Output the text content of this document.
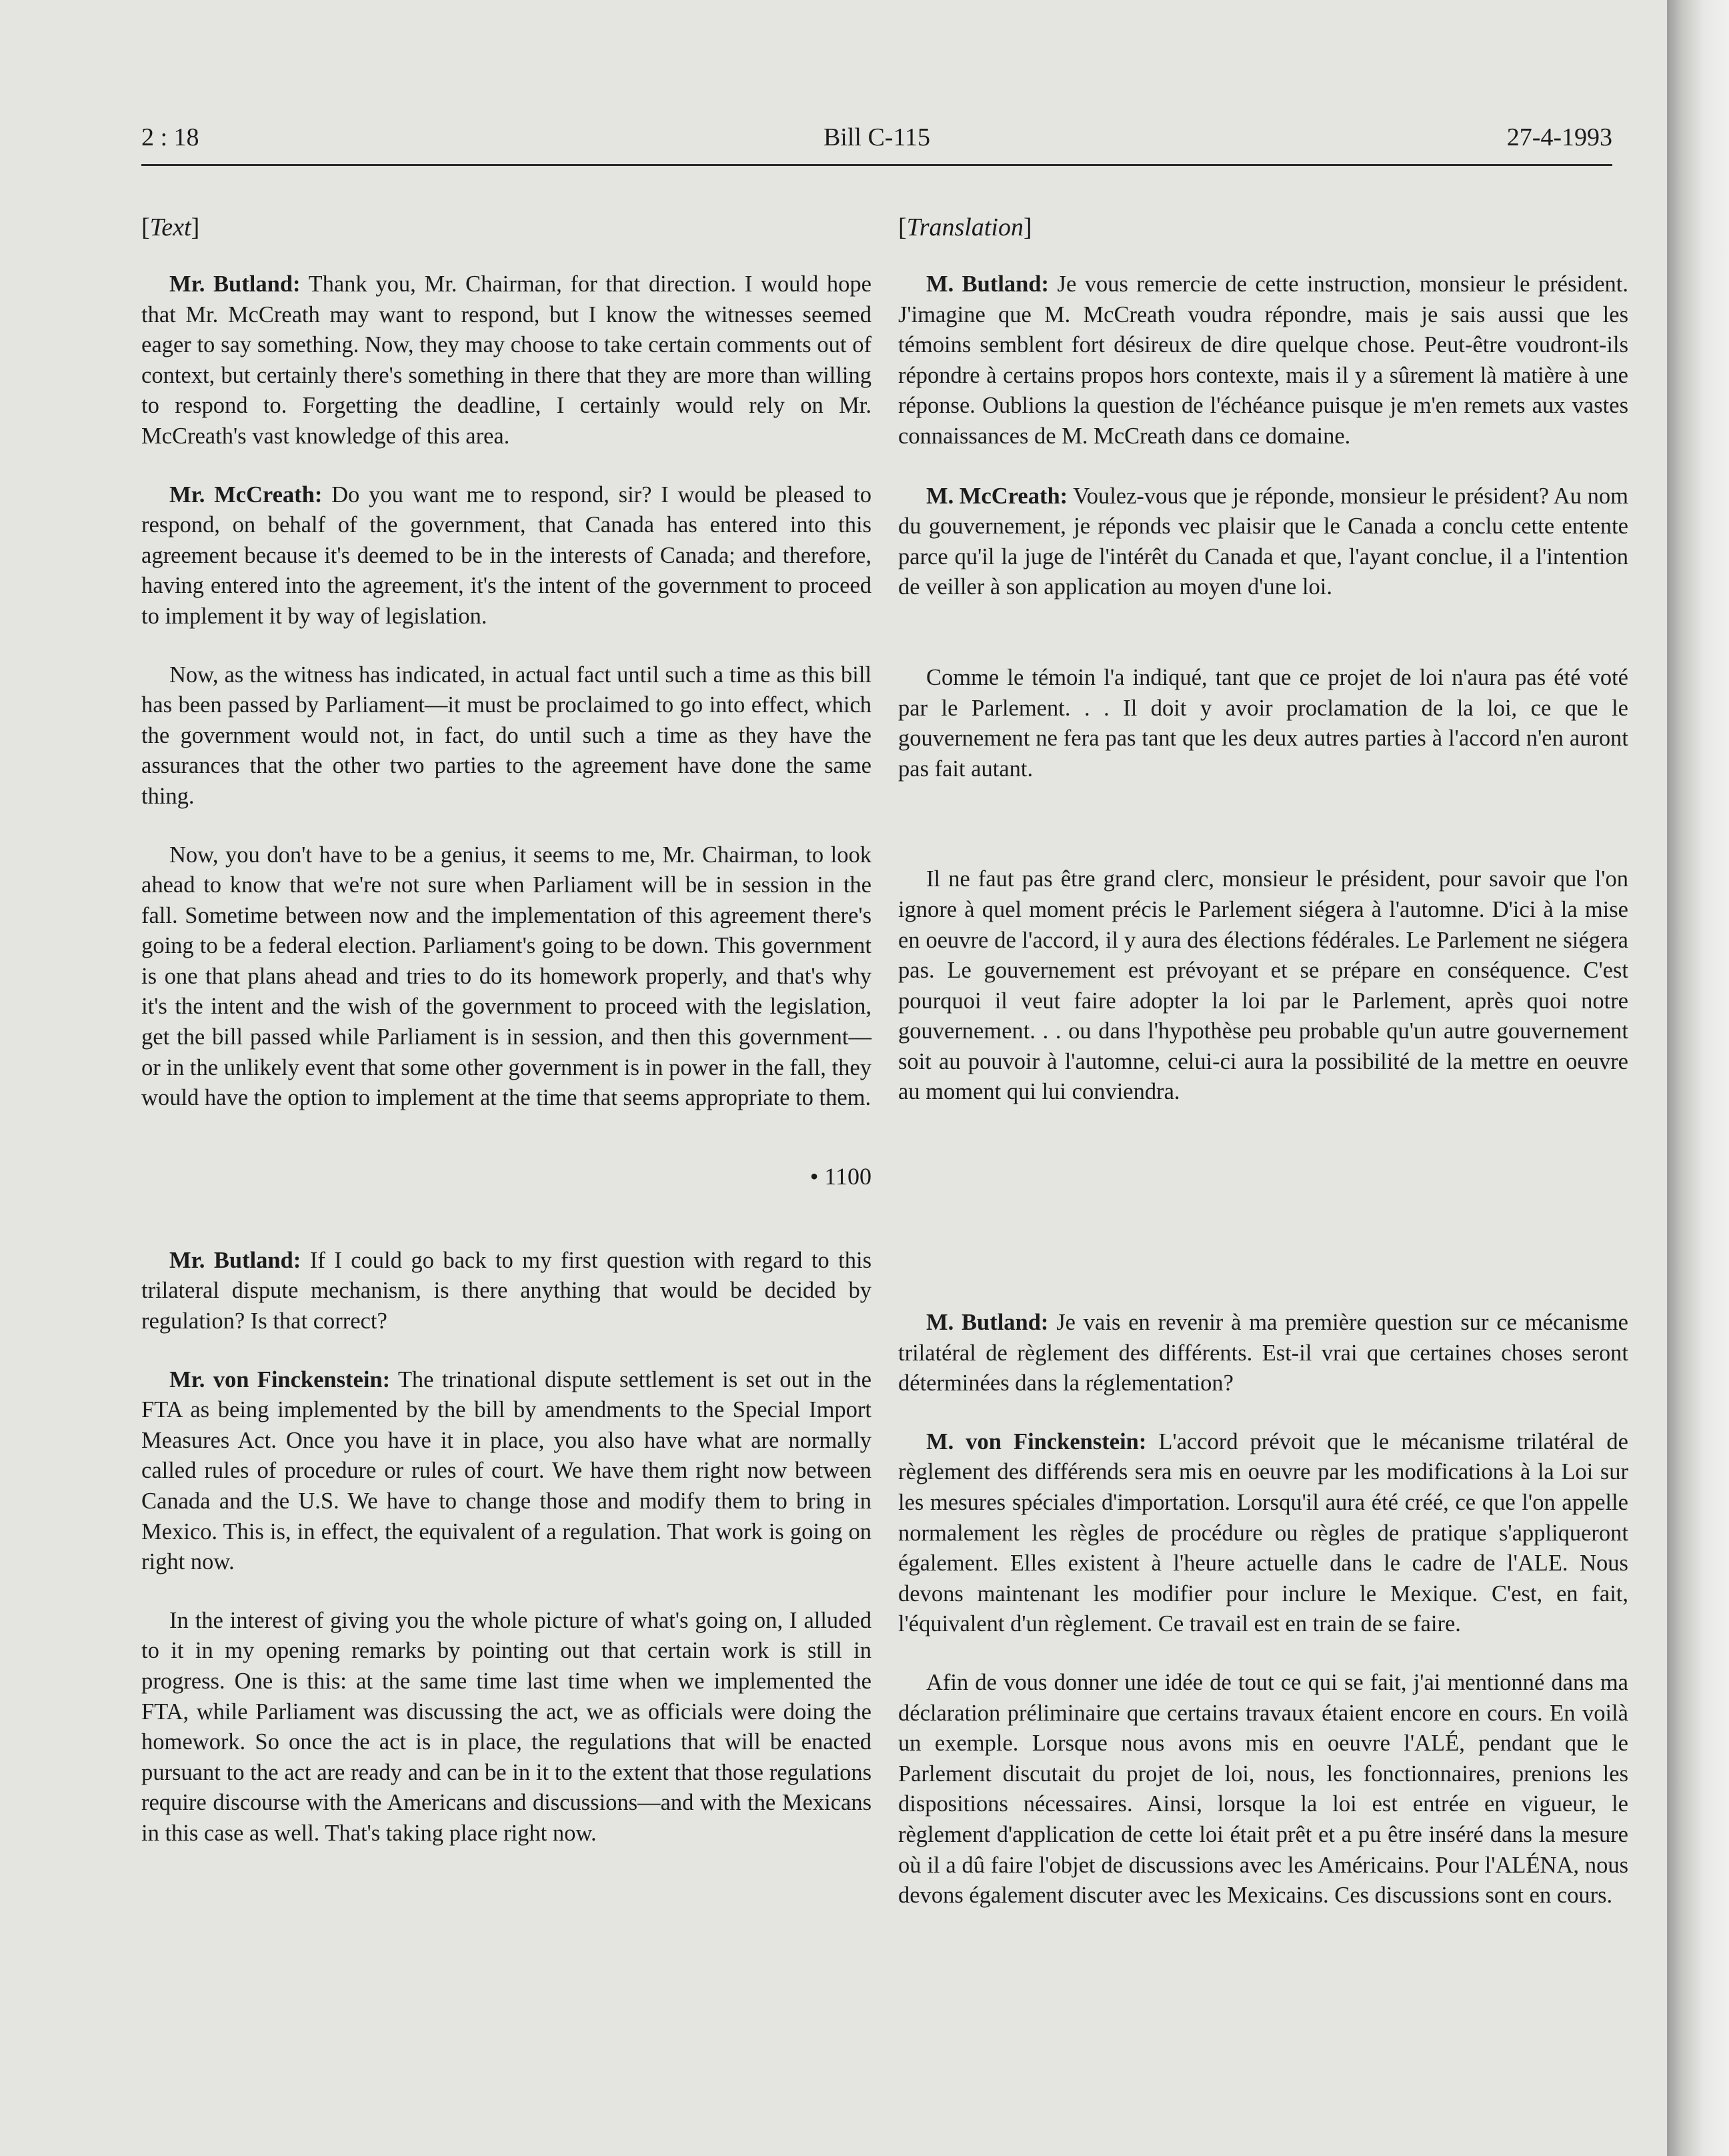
2 : 18	Bill C-115	27-4-1993
[Text]

Mr. Butland: Thank you, Mr. Chairman, for that direction. I would hope that Mr. McCreath may want to respond, but I know the witnesses seemed eager to say something. Now, they may choose to take certain comments out of context, but certainly there's something in there that they are more than willing to respond to. Forgetting the deadline, I certainly would rely on Mr. McCreath's vast knowledge of this area.

Mr. McCreath: Do you want me to respond, sir? I would be pleased to respond, on behalf of the government, that Canada has entered into this agreement because it's deemed to be in the interests of Canada; and therefore, having entered into the agreement, it's the intent of the government to proceed to implement it by way of legislation.

Now, as the witness has indicated, in actual fact until such a time as this bill has been passed by Parliament—it must be proclaimed to go into effect, which the government would not, in fact, do until such a time as they have the assurances that the other two parties to the agreement have done the same thing.

Now, you don't have to be a genius, it seems to me, Mr. Chairman, to look ahead to know that we're not sure when Parliament will be in session in the fall. Sometime between now and the implementation of this agreement there's going to be a federal election. Parliament's going to be down. This government is one that plans ahead and tries to do its homework properly, and that's why it's the intent and the wish of the government to proceed with the legislation, get the bill passed while Parliament is in session, and then this government—or in the unlikely event that some other government is in power in the fall, they would have the option to implement at the time that seems appropriate to them.

• 1100

Mr. Butland: If I could go back to my first question with regard to this trilateral dispute mechanism, is there anything that would be decided by regulation? Is that correct?

Mr. von Finckenstein: The trinational dispute settlement is set out in the FTA as being implemented by the bill by amendments to the Special Import Measures Act. Once you have it in place, you also have what are normally called rules of procedure or rules of court. We have them right now between Canada and the U.S. We have to change those and modify them to bring in Mexico. This is, in effect, the equivalent of a regulation. That work is going on right now.

In the interest of giving you the whole picture of what's going on, I alluded to it in my opening remarks by pointing out that certain work is still in progress. One is this: at the same time last time when we implemented the FTA, while Parliament was discussing the act, we as officials were doing the homework. So once the act is in place, the regulations that will be enacted pursuant to the act are ready and can be in it to the extent that those regulations require discourse with the Americans and discussions—and with the Mexicans in this case as well. That's taking place right now.

[Translation]

M. Butland: Je vous remercie de cette instruction, monsieur le président. J'imagine que M. McCreath voudra répondre, mais je sais aussi que les témoins semblent fort désireux de dire quelque chose. Peut-être voudront-ils répondre à certains propos hors contexte, mais il y a sûrement là matière à une réponse. Oublions la question de l'échéance puisque je m'en remets aux vastes connaissances de M. McCreath dans ce domaine.

M. McCreath: Voulez-vous que je réponde, monsieur le président? Au nom du gouvernement, je réponds vec plaisir que le Canada a conclu cette entente parce qu'il la juge de l'intérêt du Canada et que, l'ayant conclue, il a l'intention de veiller à son application au moyen d'une loi.

Comme le témoin l'a indiqué, tant que ce projet de loi n'aura pas été voté par le Parlement. . . Il doit y avoir proclamation de la loi, ce que le gouvernement ne fera pas tant que les deux autres parties à l'accord n'en auront pas fait autant.

Il ne faut pas être grand clerc, monsieur le président, pour savoir que l'on ignore à quel moment précis le Parlement siégera à l'automne. D'ici à la mise en oeuvre de l'accord, il y aura des élections fédérales. Le Parlement ne siégera pas. Le gouvernement est prévoyant et se prépare en conséquence. C'est pourquoi il veut faire adopter la loi par le Parlement, après quoi notre gouvernement. . . ou dans l'hypothèse peu probable qu'un autre gouvernement soit au pouvoir à l'automne, celui-ci aura la possibilité de la mettre en oeuvre au moment qui lui conviendra.

M. Butland: Je vais en revenir à ma première question sur ce mécanisme trilatéral de règlement des différents. Est-il vrai que certaines choses seront déterminées dans la réglementation?

M. von Finckenstein: L'accord prévoit que le mécanisme trilatéral de règlement des différends sera mis en oeuvre par les modifications à la Loi sur les mesures spéciales d'importation. Lorsqu'il aura été créé, ce que l'on appelle normalement les règles de procédure ou règles de pratique s'appliqueront également. Elles existent à l'heure actuelle dans le cadre de l'ALE. Nous devons maintenant les modifier pour inclure le Mexique. C'est, en fait, l'équivalent d'un règlement. Ce travail est en train de se faire.

Afin de vous donner une idée de tout ce qui se fait, j'ai mentionné dans ma déclaration préliminaire que certains travaux étaient encore en cours. En voilà un exemple. Lorsque nous avons mis en oeuvre l'ALÉ, pendant que le Parlement discutait du projet de loi, nous, les fonctionnaires, prenions les dispositions nécessaires. Ainsi, lorsque la loi est entrée en vigueur, le règlement d'application de cette loi était prêt et a pu être inséré dans la mesure où il a dû faire l'objet de discussions avec les Américains. Pour l'ALÉNA, nous devons également discuter avec les Mexicains. Ces discussions sont en cours.
